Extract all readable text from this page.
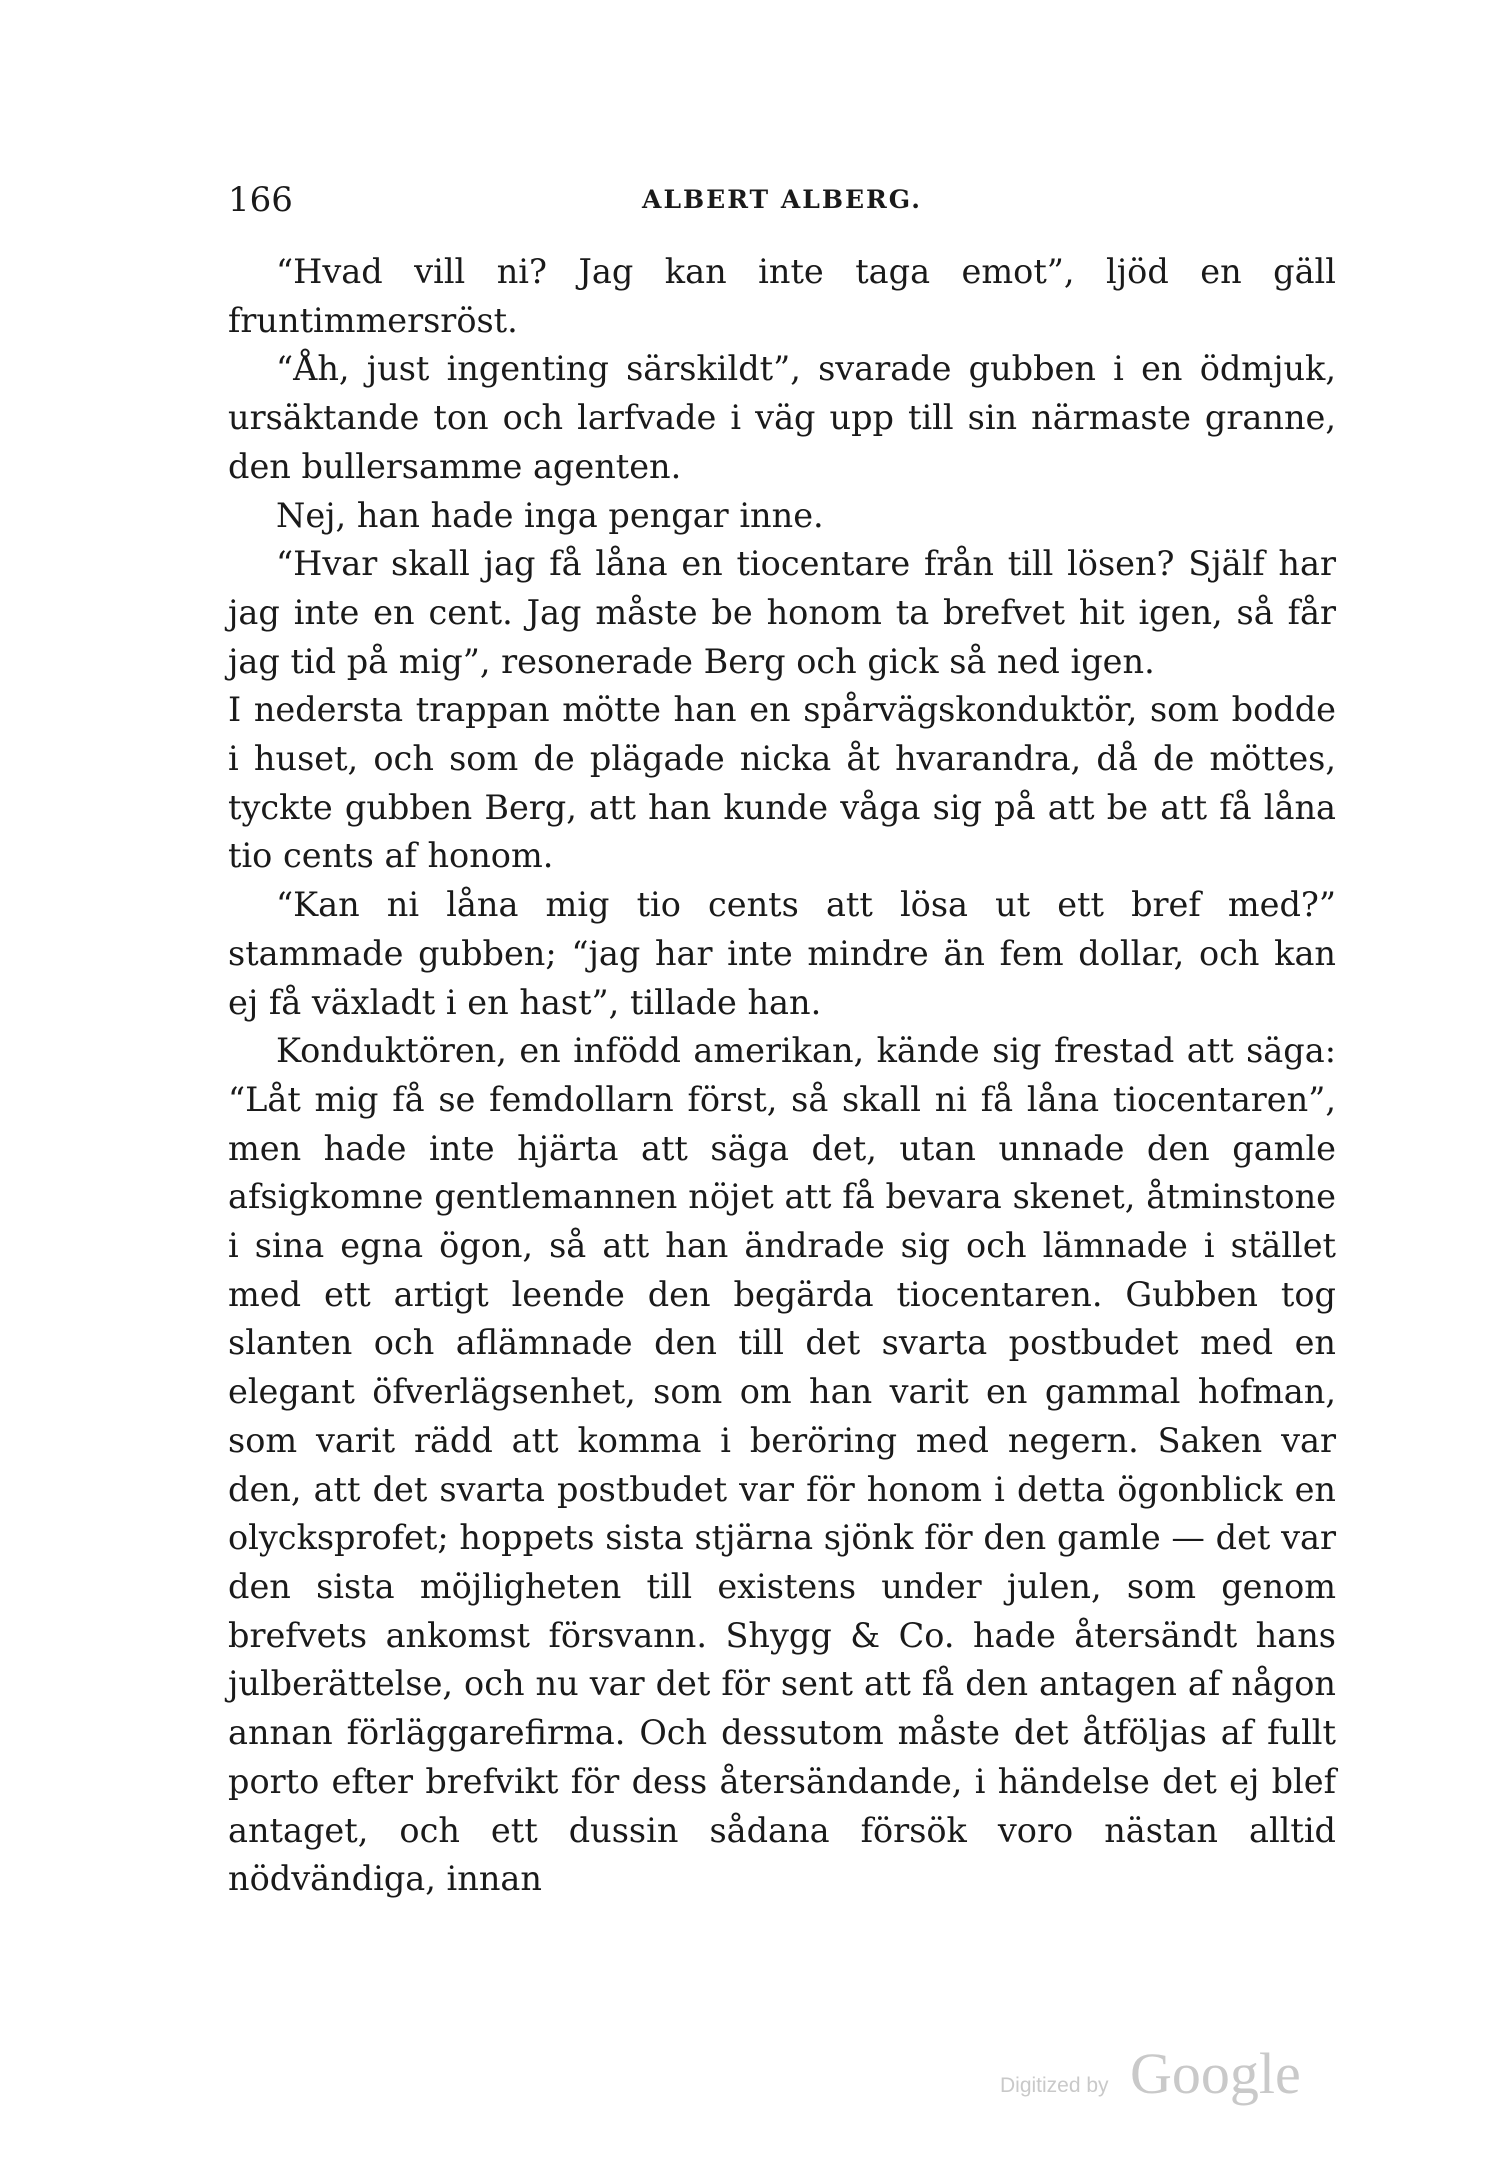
166	ALBERT ALBERG.

“Hvad vill ni? Jag kan inte taga emot”, ljöd en gäll fruntimmersröst.

“Åh, just ingenting särskildt”, svarade gubben i en ödmjuk, ursäktande ton och larfvade i väg upp till sin närmaste granne, den bullersamme agenten.

Nej, han hade inga pengar inne.

“Hvar skall jag få låna en tiocentare från till lösen? Själf har jag inte en cent. Jag måste be honom ta brefvet hit igen, så får jag tid på mig”, resonerade Berg och gick så ned igen.

I nedersta trappan mötte han en spårvägskonduktör, som bodde i huset, och som de plägade nicka åt hvarandra, då de möttes, tyckte gubben Berg, att han kunde våga sig på att be att få låna tio cents af honom.

“Kan ni låna mig tio cents att lösa ut ett bref med?” stammade gubben; “jag har inte mindre än fem dollar, och kan ej få växladt i en hast”, tillade han.

Konduktören, en infödd amerikan, kände sig frestad att säga: “Låt mig få se femdollarn först, så skall ni få låna tiocentaren”, men hade inte hjärta att säga det, utan unnade den gamle afsigkomne gentlemannen nöjet att få bevara skenet, åtminstone i sina egna ögon, så att han ändrade sig och lämnade i stället med ett artigt leende den begärda tiocentaren. Gubben tog slanten och aflämnade den till det svarta postbudet med en elegant öfverlägsenhet, som om han varit en gammal hofman, som varit rädd att komma i beröring med negern. Saken var den, att det svarta postbudet var för honom i detta ögonblick en olycksprofet; hoppets sista stjärna sjönk för den gamle — det var den sista möjligheten till existens under julen, som genom brefvets ankomst försvann. Shygg & Co. hade återsändt hans julberättelse, och nu var det för sent att få den antagen af någon annan förläggarefirma. Och dessutom måste det åtföljas af fullt porto efter brefvikt för dess återsändande, i händelse det ej blef antaget, och ett dussin sådana försök voro nästan alltid nödvändiga, innan

Digitized by Google
